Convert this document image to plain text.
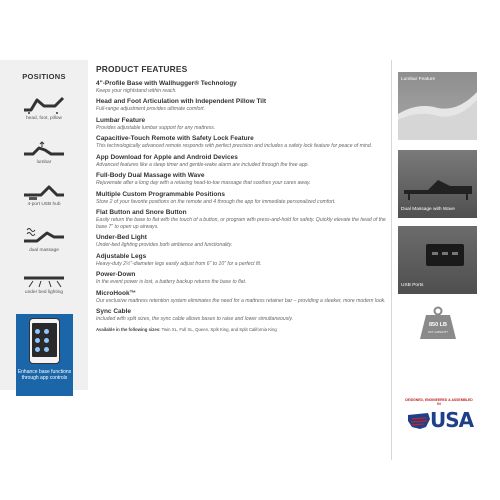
POSITIONS
head, foot, pillow
lumbar
4-port USB hub
dual massage
under bed lighting
Enhance base functions through app controls
PRODUCT FEATURES
4"-Profile Base with Wallhugger® Technology
Keeps your nightstand within reach.
Head and Foot Articulation with Independent Pillow Tilt
Full-range adjustment provides ultimate comfort.
Lumbar Feature
Provides adjustable lumbar support for any mattress.
Capacitive-Touch Remote with Safety Lock Feature
This technologically advanced remote responds with perfect precision and includes a safety lock feature for peace of mind.
App Download for Apple and Android Devices
Advanced features like a sleep timer and gentle-wake alarm are included through the free app.
Full-Body Dual Massage with Wave
Rejuvenate after a long day with a relaxing head-to-toe massage that soothes your cares away.
Multiple Custom Programmable Positions
Store 2 of your favorite positions on the remote and 4 through the app for immediate personalized comfort.
Flat Button and Snore Button
Easily return the base to flat with the touch of a button, or program with press-and-hold for safety. Quickly elevate the head of the base 7" to open up airways.
Under-Bed Light
Under-bed lighting provides both ambience and functionality.
Adjustable Legs
Heavy-duty 2½"-diameter legs easily adjust from 6" to 10" for a perfect fit.
Power-Down
In the event power is lost, a battery backup returns the base to flat.
MicroHook™
Our exclusive mattress retention system eliminates the need for a mattress retainer bar – providing a sleeker, more modern look.
Sync Cable
Included with split sizes, the sync cable allows bases to raise and lower simultaneously.
Available in the following sizes: Twin XL, Full XL, Queen, Split King, and Split California King
Lumbar Feature
Dual Massage with Wave
USB Ports
850 LB
LIFT CAPACITY
DESIGNED, ENGINEERED & ASSEMBLED IN
USA
